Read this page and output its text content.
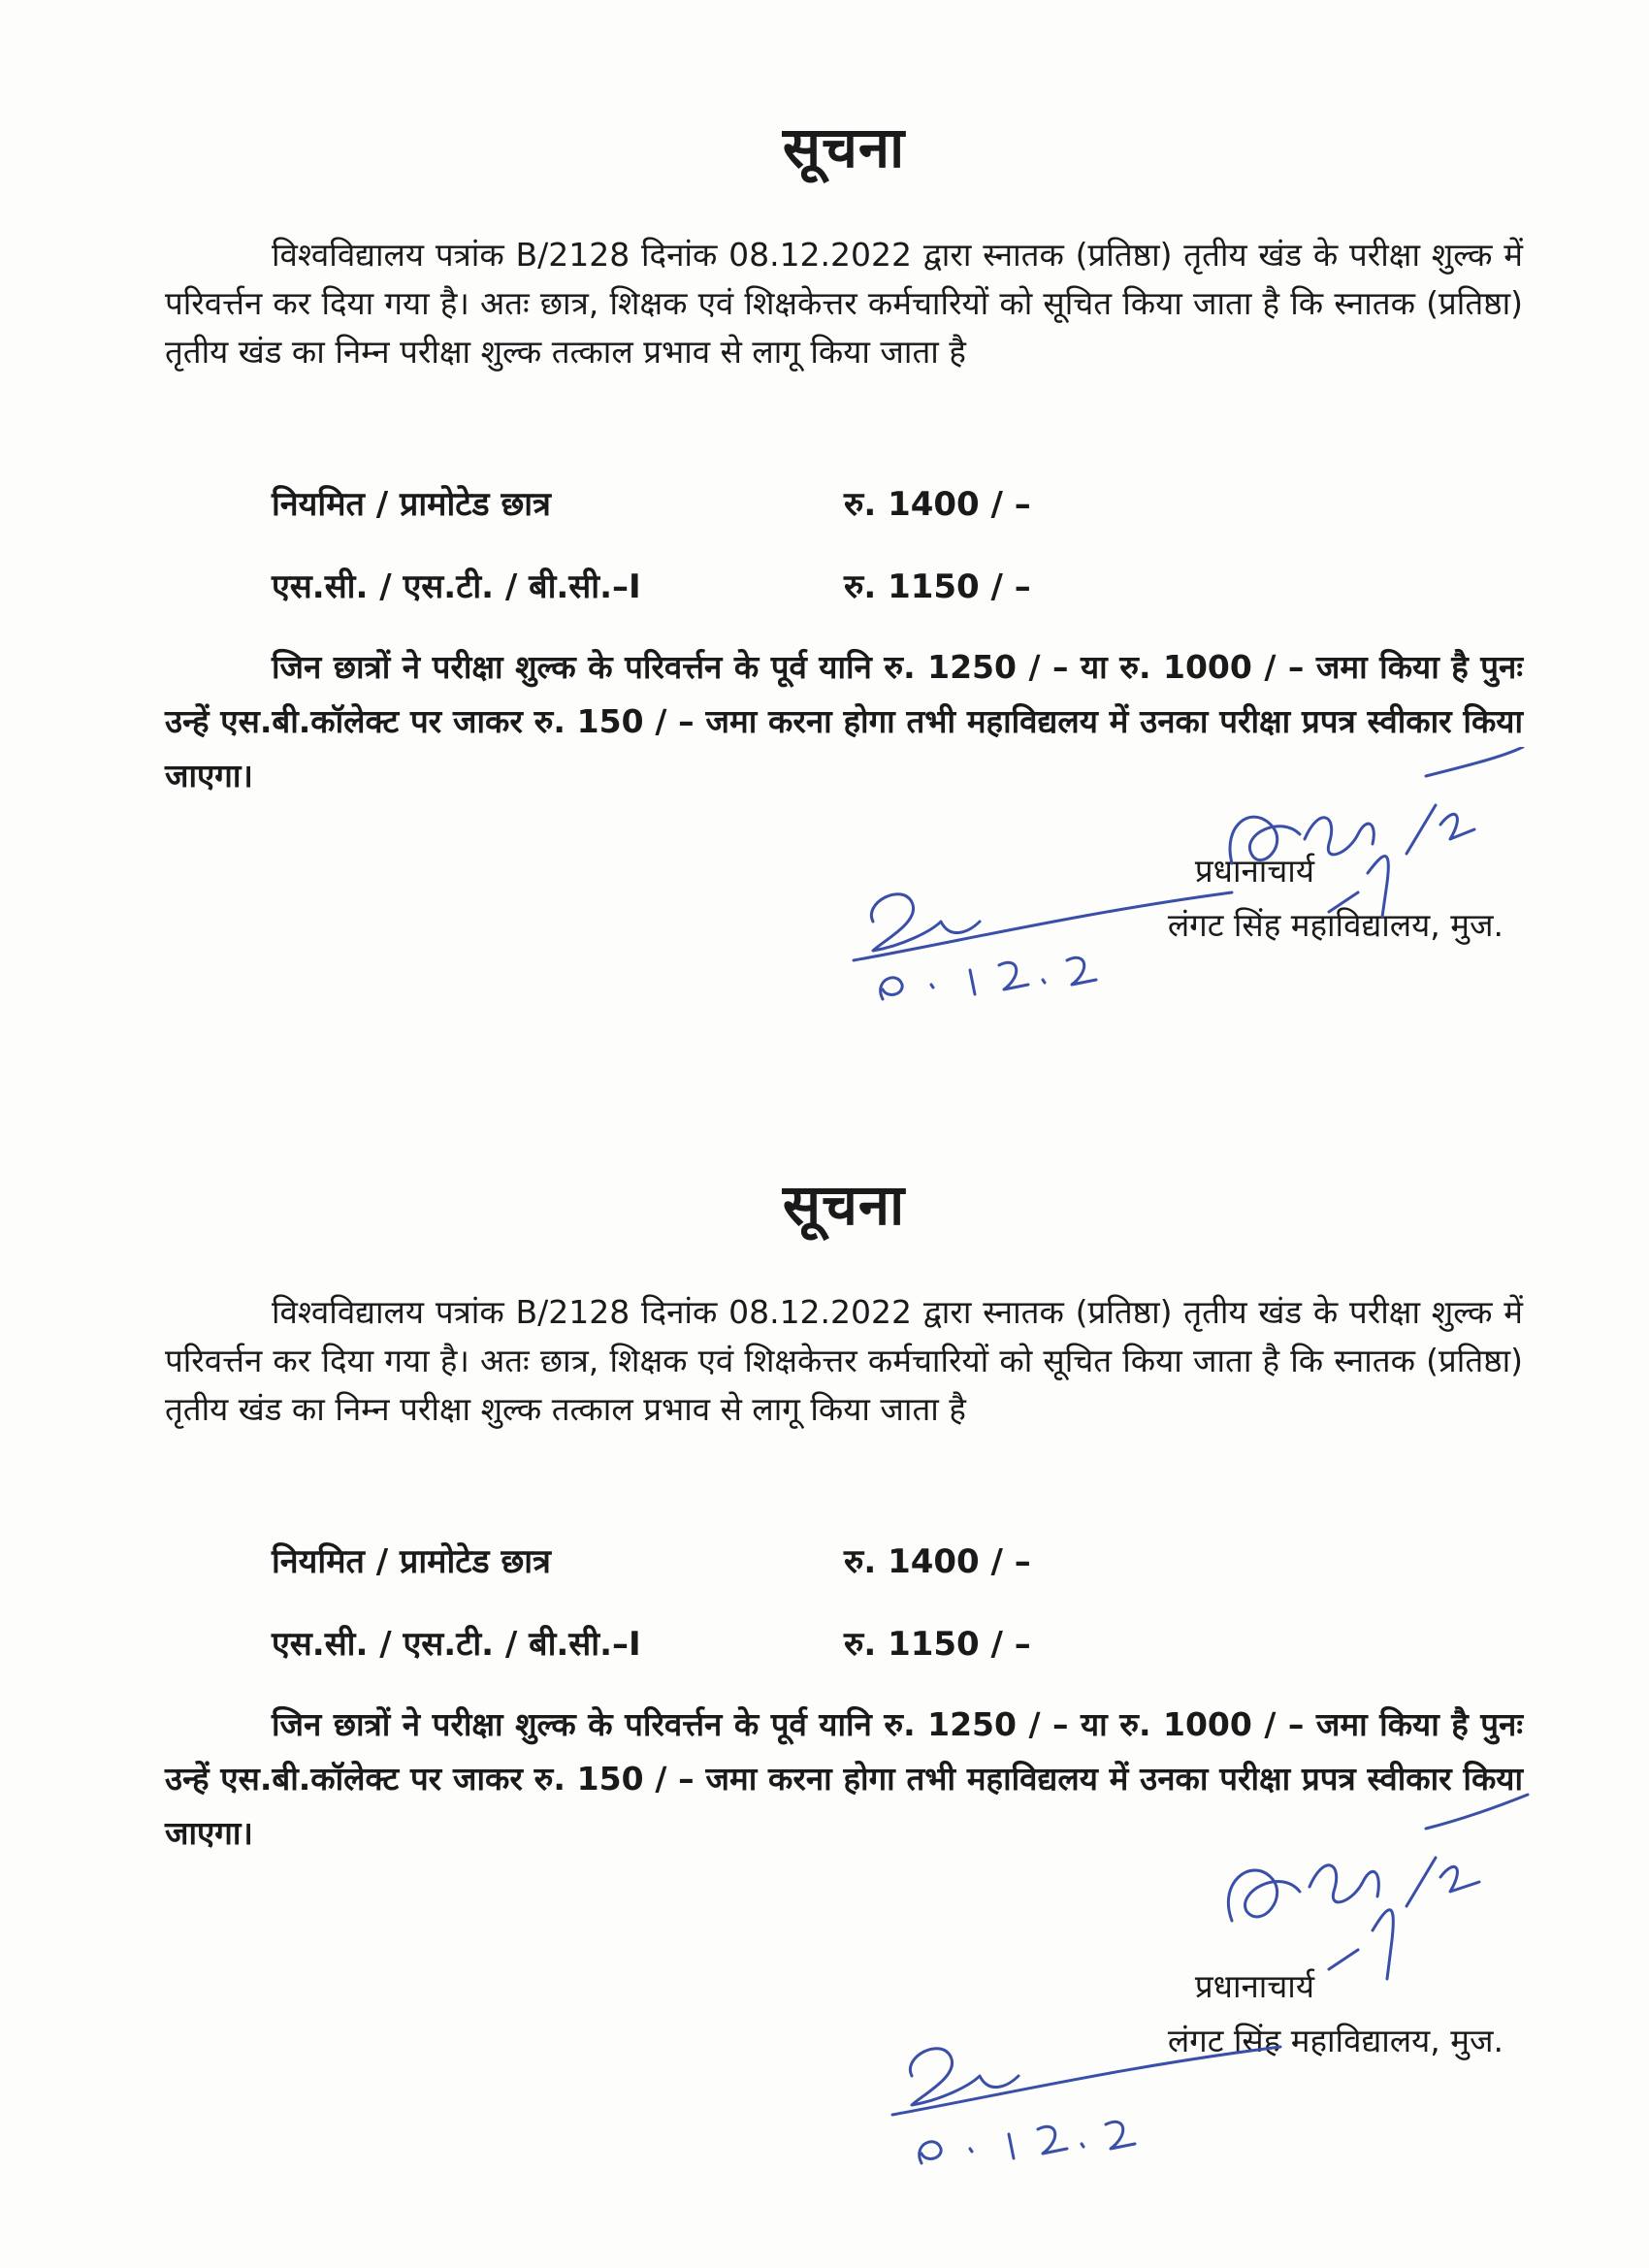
सूचना
विश्वविद्यालय पत्रांक B/2128 दिनांक 08.12.2022 द्वारा स्नातक (प्रतिष्ठा) तृतीय खंड के परीक्षा शुल्क में परिवर्त्तन कर दिया गया है। अतः छात्र, शिक्षक एवं शिक्षकेत्तर कर्मचारियों को सूचित किया जाता है कि स्नातक (प्रतिष्ठा) तृतीय खंड का निम्न परीक्षा शुल्क तत्काल प्रभाव से लागू किया जाता है
नियमित / प्रामोटेड छात्र	रु. 1400 / –
एस.सी. / एस.टी. / बी.सी.–I	रु. 1150 / –
जिन छात्रों ने परीक्षा शुल्क के परिवर्त्तन के पूर्व यानि रु. 1250 / – या रु. 1000 / – जमा किया है पुनः उन्हें एस.बी.कॉलेक्ट पर जाकर रु. 150 / – जमा करना होगा तभी महाविद्यलय में उनका परीक्षा प्रपत्र स्वीकार किया जाएगा।
प्रधानाचार्य
लंगट सिंह महाविद्यालय, मुज.
सूचना
विश्वविद्यालय पत्रांक B/2128 दिनांक 08.12.2022 द्वारा स्नातक (प्रतिष्ठा) तृतीय खंड के परीक्षा शुल्क में परिवर्त्तन कर दिया गया है। अतः छात्र, शिक्षक एवं शिक्षकेत्तर कर्मचारियों को सूचित किया जाता है कि स्नातक (प्रतिष्ठा) तृतीय खंड का निम्न परीक्षा शुल्क तत्काल प्रभाव से लागू किया जाता है
नियमित / प्रामोटेड छात्र	रु. 1400 / –
एस.सी. / एस.टी. / बी.सी.–I	रु. 1150 / –
जिन छात्रों ने परीक्षा शुल्क के परिवर्त्तन के पूर्व यानि रु. 1250 / – या रु. 1000 / – जमा किया है पुनः उन्हें एस.बी.कॉलेक्ट पर जाकर रु. 150 / – जमा करना होगा तभी महाविद्यलय में उनका परीक्षा प्रपत्र स्वीकार किया जाएगा।
प्रधानाचार्य
लंगट सिंह महाविद्यालय, मुज.
